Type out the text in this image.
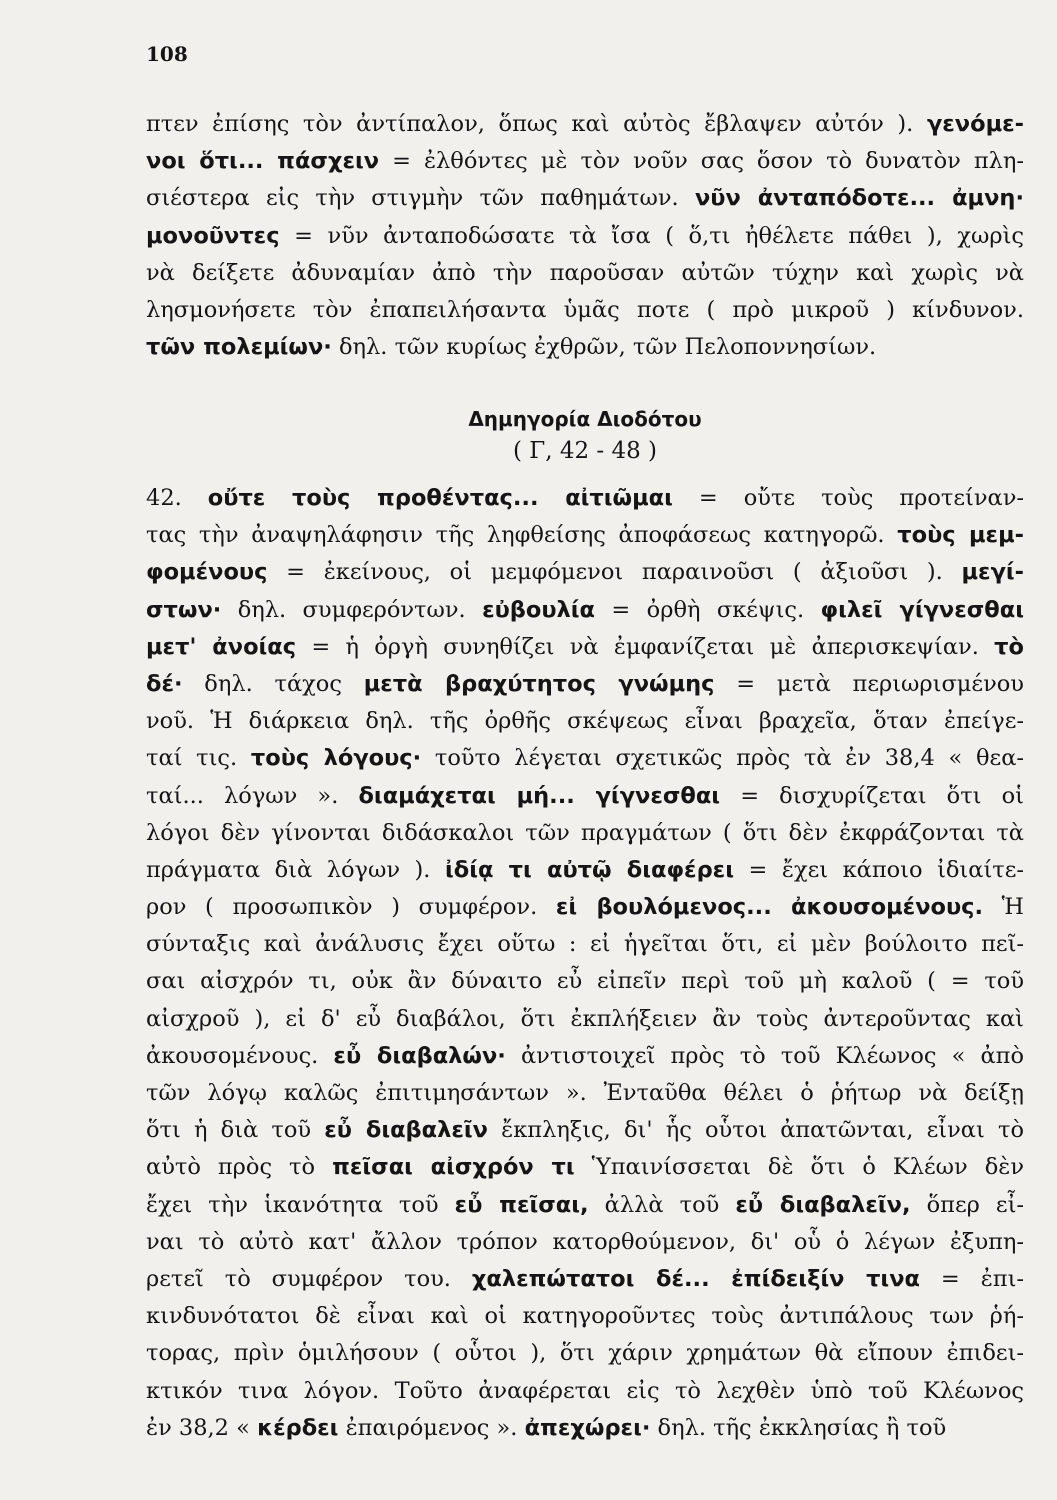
108
πτεν ἐπίσης τὸν ἀντίπαλον, ὅπως καὶ αὐτὸς ἔβλαψεν αὐτόν ). γενόμε-
νοι ὅτι... πάσχειν = ἐλθόντες μὲ τὸν νοῦν σας ὅσον τὸ δυνατὸν πλη-
σιέστερα εἰς τὴν στιγμὴν τῶν παθημάτων. νῦν ἀνταπόδοτε... ἀμνη·
μονοῦντες = νῦν ἀνταποδώσατε τὰ ἴσα ( ὅ,τι ἠθέλετε πάθει ), χωρὶς
νὰ δείξετε ἀδυναμίαν ἀπὸ τὴν παροῦσαν αὐτῶν τύχην καὶ χωρὶς νὰ
λησμονήσετε τὸν ἐπαπειλήσαντα ὑμᾶς ποτε ( πρὸ μικροῦ ) κίνδυνον.
τῶν πολεμίων· δηλ. τῶν κυρίως ἐχθρῶν, τῶν Πελοποννησίων.
Δημηγορία Διοδότου
( Γ, 42 - 48 )
42. οὔτε τοὺς προθέντας... αἰτιῶμαι = οὔτε τοὺς προτείναν-
τας τὴν ἀναψηλάφησιν τῆς ληφθείσης ἀποφάσεως κατηγορῶ. τοὺς μεμ-
φομένους = ἐκείνους, οἱ μεμφόμενοι παραινοῦσι ( ἀξιοῦσι ). μεγί-
στων· δηλ. συμφερόντων. εὐβουλία = ὀρθὴ σκέψις. φιλεῖ γίγνεσθαι
μετ' ἀνοίας = ἡ ὀργὴ συνηθίζει νὰ ἐμφανίζεται μὲ ἀπερισκεψίαν. τὸ
δέ· δηλ. τάχος μετὰ βραχύτητος γνώμης = μετὰ περιωρισμένου
νοῦ. Ἡ διάρκεια δηλ. τῆς ὀρθῆς σκέψεως εἶναι βραχεῖα, ὅταν ἐπείγε-
ταί τις. τοὺς λόγους· τοῦτο λέγεται σχετικῶς πρὸς τὰ ἐν 38,4 « θεα-
ταί... λόγων ». διαμάχεται μή... γίγνεσθαι = δισχυρίζεται ὅτι οἱ
λόγοι δὲν γίνονται διδάσκαλοι τῶν πραγμάτων ( ὅτι δὲν ἐκφράζονται τὰ
πράγματα διὰ λόγων ). ἰδίᾳ τι αὐτῷ διαφέρει = ἔχει κάποιο ἰδιαίτε-
ρον ( προσωπικὸν ) συμφέρον. εἰ βουλόμενος... ἀκουσομένους. Ἡ
σύνταξις καὶ ἀνάλυσις ἔχει οὕτω : εἰ ἡγεῖται ὅτι, εἰ μὲν βούλοιτο πεῖ-
σαι αἰσχρόν τι, οὐκ ἂν δύναιτο εὖ εἰπεῖν περὶ τοῦ μὴ καλοῦ ( = τοῦ
αἰσχροῦ ), εἰ δ' εὖ διαβάλοι, ὅτι ἐκπλήξειεν ἂν τοὺς ἀντεροῦντας καὶ
ἀκουσομένους. εὖ διαβαλών· ἀντιστοιχεῖ πρὸς τὸ τοῦ Κλέωνος « ἀπὸ
τῶν λόγῳ καλῶς ἐπιτιμησάντων ». Ἐνταῦθα θέλει ὁ ῥήτωρ νὰ δείξῃ
ὅτι ἡ διὰ τοῦ εὖ διαβαλεῖν ἔκπληξις, δι' ἧς οὗτοι ἀπατῶνται, εἶναι τὸ
αὐτὸ πρὸς τὸ πεῖσαι αἰσχρόν τι Ὑπαινίσσεται δὲ ὅτι ὁ Κλέων δὲν
ἔχει τὴν ἱκανότητα τοῦ εὖ πεῖσαι, ἀλλὰ τοῦ εὖ διαβαλεῖν, ὅπερ εἶ-
ναι τὸ αὐτὸ κατ' ἄλλον τρόπον κατορθούμενον, δι' οὗ ὁ λέγων ἐξυπη-
ρετεῖ τὸ συμφέρον του. χαλεπώτατοι δέ... ἐπίδειξίν τινα = ἐπι-
κινδυνότατοι δὲ εἶναι καὶ οἱ κατηγοροῦντες τοὺς ἀντιπάλους των ῥή-
τορας, πρὶν ὁμιλήσουν ( οὗτοι ), ὅτι χάριν χρημάτων θὰ εἴπουν ἐπιδει-
κτικόν τινα λόγον. Τοῦτο ἀναφέρεται εἰς τὸ λεχθὲν ὑπὸ τοῦ Κλέωνος
ἐν 38,2 « κέρδει ἐπαιρόμενος ». ἀπεχώρει· δηλ. τῆς ἐκκλησίας ἢ τοῦ
